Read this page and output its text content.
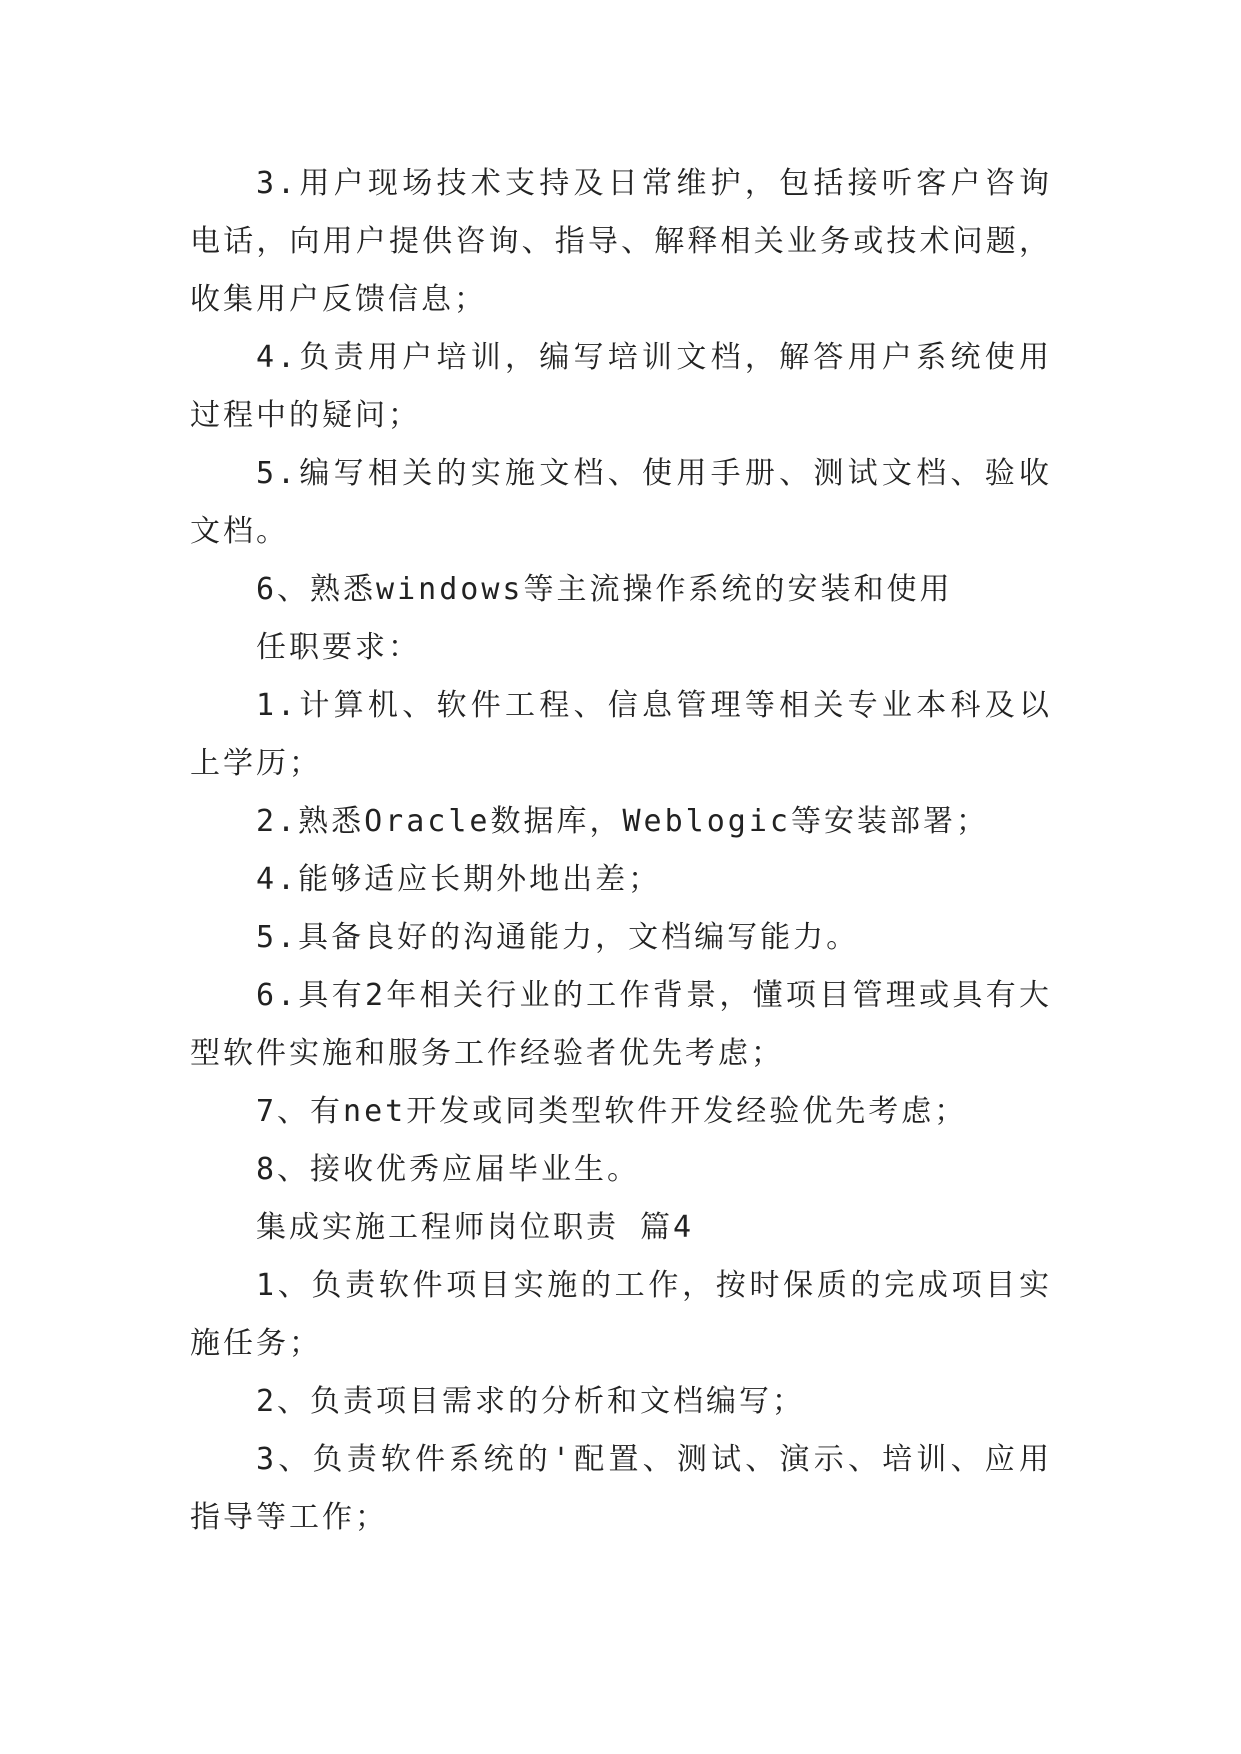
3.用户现场技术支持及日常维护，包括接听客户咨询电话，向用户提供咨询、指导、解释相关业务或技术问题，收集用户反馈信息；

4.负责用户培训，编写培训文档，解答用户系统使用过程中的疑问；

5.编写相关的实施文档、使用手册、测试文档、验收文档。

6、熟悉windows等主流操作系统的安装和使用

任职要求：

1.计算机、软件工程、信息管理等相关专业本科及以上学历；

2.熟悉Oracle数据库，Weblogic等安装部署；

4.能够适应长期外地出差；

5.具备良好的沟通能力，文档编写能力。

6.具有2年相关行业的工作背景，懂项目管理或具有大型软件实施和服务工作经验者优先考虑；

7、有net开发或同类型软件开发经验优先考虑；

8、接收优秀应届毕业生。

集成实施工程师岗位职责 篇4

1、负责软件项目实施的工作，按时保质的完成项目实施任务；

2、负责项目需求的分析和文档编写；

3、负责软件系统的'配置、测试、演示、培训、应用指导等工作；
